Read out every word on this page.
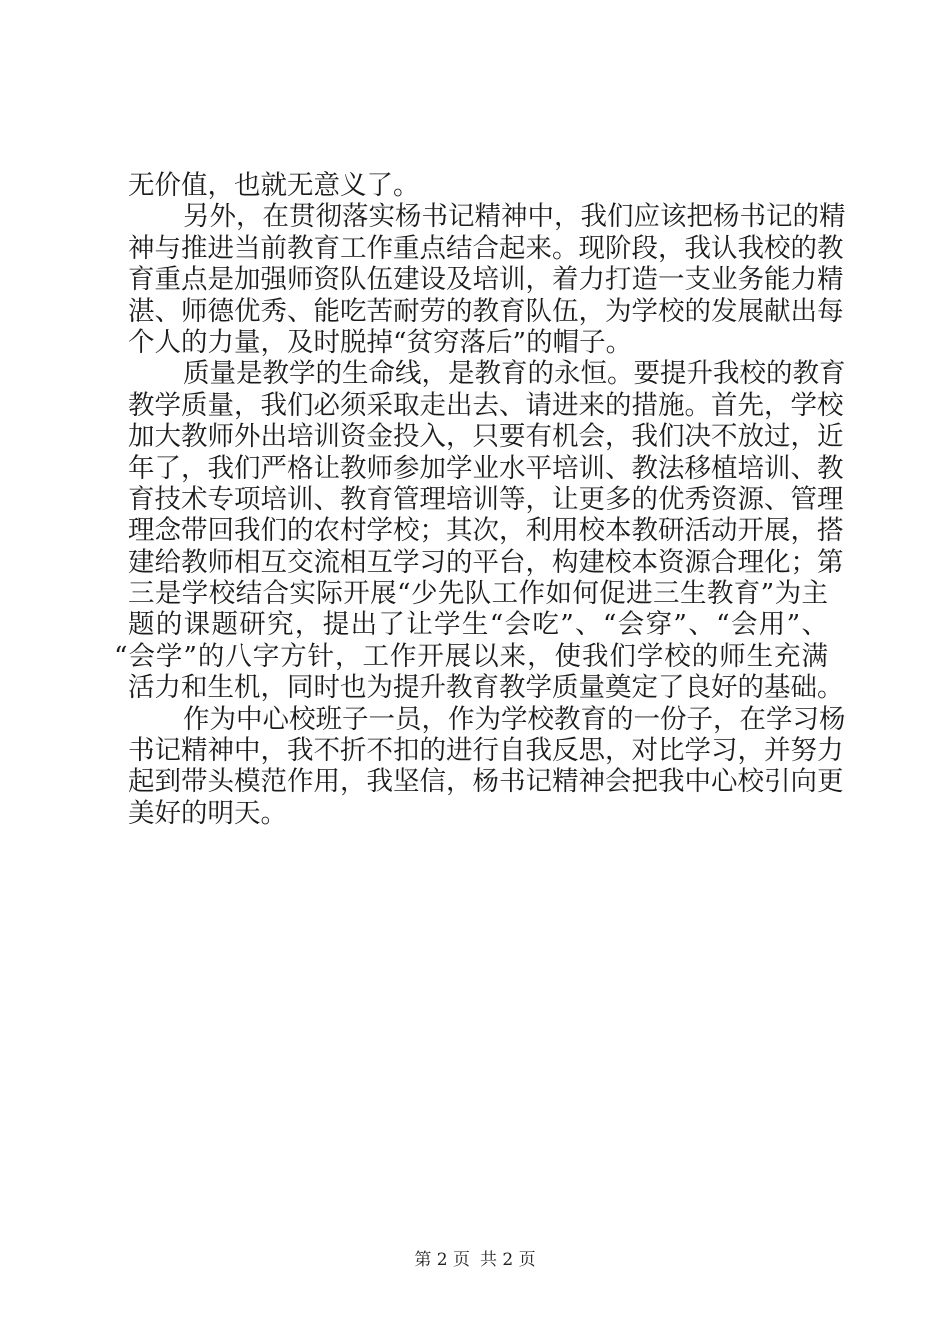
无价值，也就无意义了。
另外，在贯彻落实杨书记精神中，我们应该把杨书记的精
神与推进当前教育工作重点结合起来。现阶段，我认我校的教
育重点是加强师资队伍建设及培训，着力打造一支业务能力精
湛、师德优秀、能吃苦耐劳的教育队伍，为学校的发展献出每
个人的力量，及时脱掉“贫穷落后”的帽子。
质量是教学的生命线，是教育的永恒。要提升我校的教育
教学质量，我们必须采取走出去、请进来的措施。首先，学校
加大教师外出培训资金投入，只要有机会，我们决不放过，近
年了，我们严格让教师参加学业水平培训、教法移植培训、教
育技术专项培训、教育管理培训等，让更多的优秀资源、管理
理念带回我们的农村学校；其次，利用校本教研活动开展，搭
建给教师相互交流相互学习的平台，构建校本资源合理化；第
三是学校结合实际开展“少先队工作如何促进三生教育”为主
题的课题研究，提出了让学生“会吃”、“会穿”、“会用”、
“会学”的八字方针，工作开展以来，使我们学校的师生充满
活力和生机，同时也为提升教育教学质量奠定了良好的基础。
作为中心校班子一员，作为学校教育的一份子，在学习杨
书记精神中，我不折不扣的进行自我反思，对比学习，并努力
起到带头模范作用，我坚信，杨书记精神会把我中心校引向更
美好的明天。
第 2 页 共 2 页
